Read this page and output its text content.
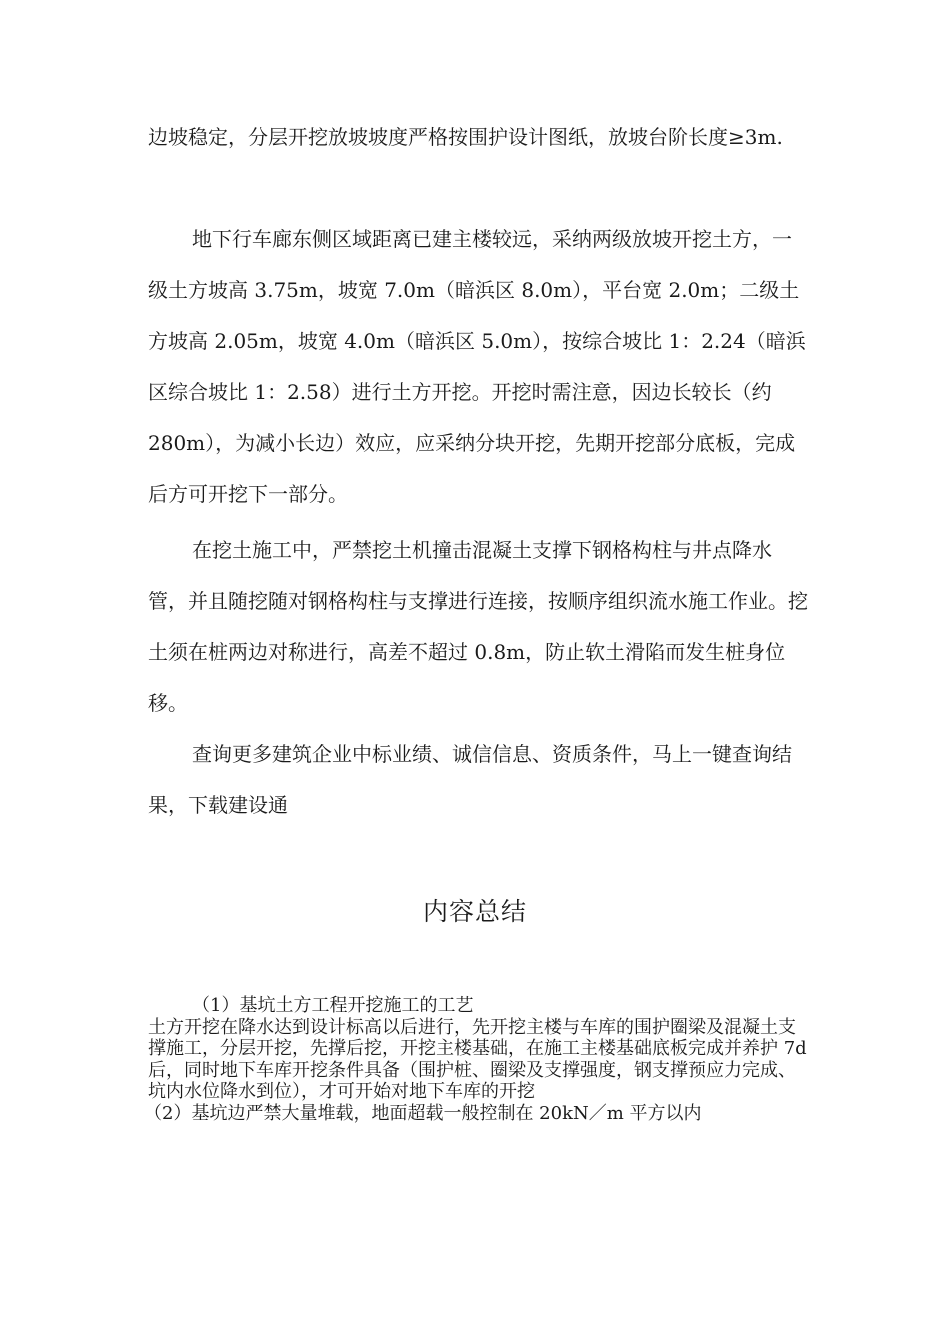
边坡稳定，分层开挖放坡坡度严格按围护设计图纸，放坡台阶长度≥3m.

地下行车廊东侧区域距离已建主楼较远，采纳两级放坡开挖土方，一级土方坡高 3.75m，坡宽 7.0m（暗浜区 8.0m），平台宽 2.0m；二级土方坡高 2.05m，坡宽 4.0m（暗浜区 5.0m），按综合坡比 1：2.24（暗浜区综合坡比 1：2.58）进行土方开挖。开挖时需注意，因边长较长（约 280m），为减小长边）效应，应采纳分块开挖，先期开挖部分底板，完成后方可开挖下一部分。

在挖土施工中，严禁挖土机撞击混凝土支撑下钢格构柱与井点降水管，并且随挖随对钢格构柱与支撑进行连接，按顺序组织流水施工作业。挖土须在桩两边对称进行，高差不超过 0.8m，防止软土滑陷而发生桩身位移。

查询更多建筑企业中标业绩、诚信信息、资质条件，马上一键查询结果，下载建设通

内容总结

（1）基坑土方工程开挖施工的工艺

土方开挖在降水达到设计标高以后进行，先开挖主楼与车库的围护圈梁及混凝土支撑施工，分层开挖，先撑后挖，开挖主楼基础，在施工主楼基础底板完成并养护 7d 后，同时地下车库开挖条件具备（围护桩、圈梁及支撑强度，钢支撑预应力完成、坑内水位降水到位），才可开始对地下车库的开挖

（2）基坑边严禁大量堆载，地面超载一般控制在 20kN／m 平方以内
